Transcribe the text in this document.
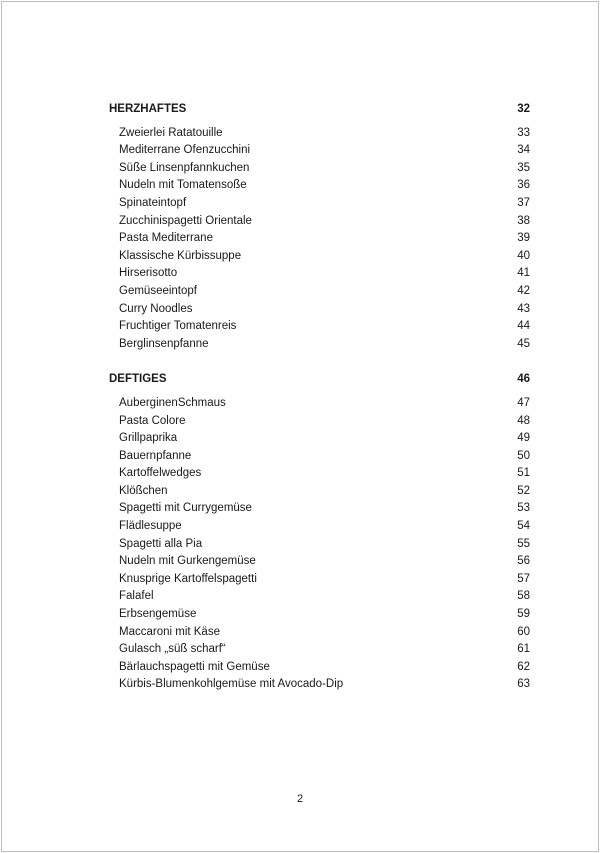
HERZHAFTES	32
Zweierlei Ratatouille	33
Mediterrane Ofenzucchini	34
Süße Linsenpfannkuchen	35
Nudeln mit Tomatensoße	36
Spinateintopf	37
Zucchinispagetti Orientale	38
Pasta Mediterrane	39
Klassische Kürbissuppe	40
Hirserisotto	41
Gemüseeintopf	42
Curry Noodles	43
Fruchtiger Tomatenreis	44
Berglinsenpfanne	45
DEFTIGES	46
AuberginenSchmaus	47
Pasta Colore	48
Grillpaprika	49
Bauernpfanne	50
Kartoffelwedges	51
Klößchen	52
Spagetti mit Currygemüse	53
Flädlesuppe	54
Spagetti alla Pia	55
Nudeln mit Gurkengemüse	56
Knusprige Kartoffelspagetti	57
Falafel	58
Erbsengemüse	59
Maccaroni mit Käse	60
Gulasch „süß scharf“	61
Bärlauchspagetti mit Gemüse	62
Kürbis-Blumenkohlgemüse mit Avocado-Dip	63
2
